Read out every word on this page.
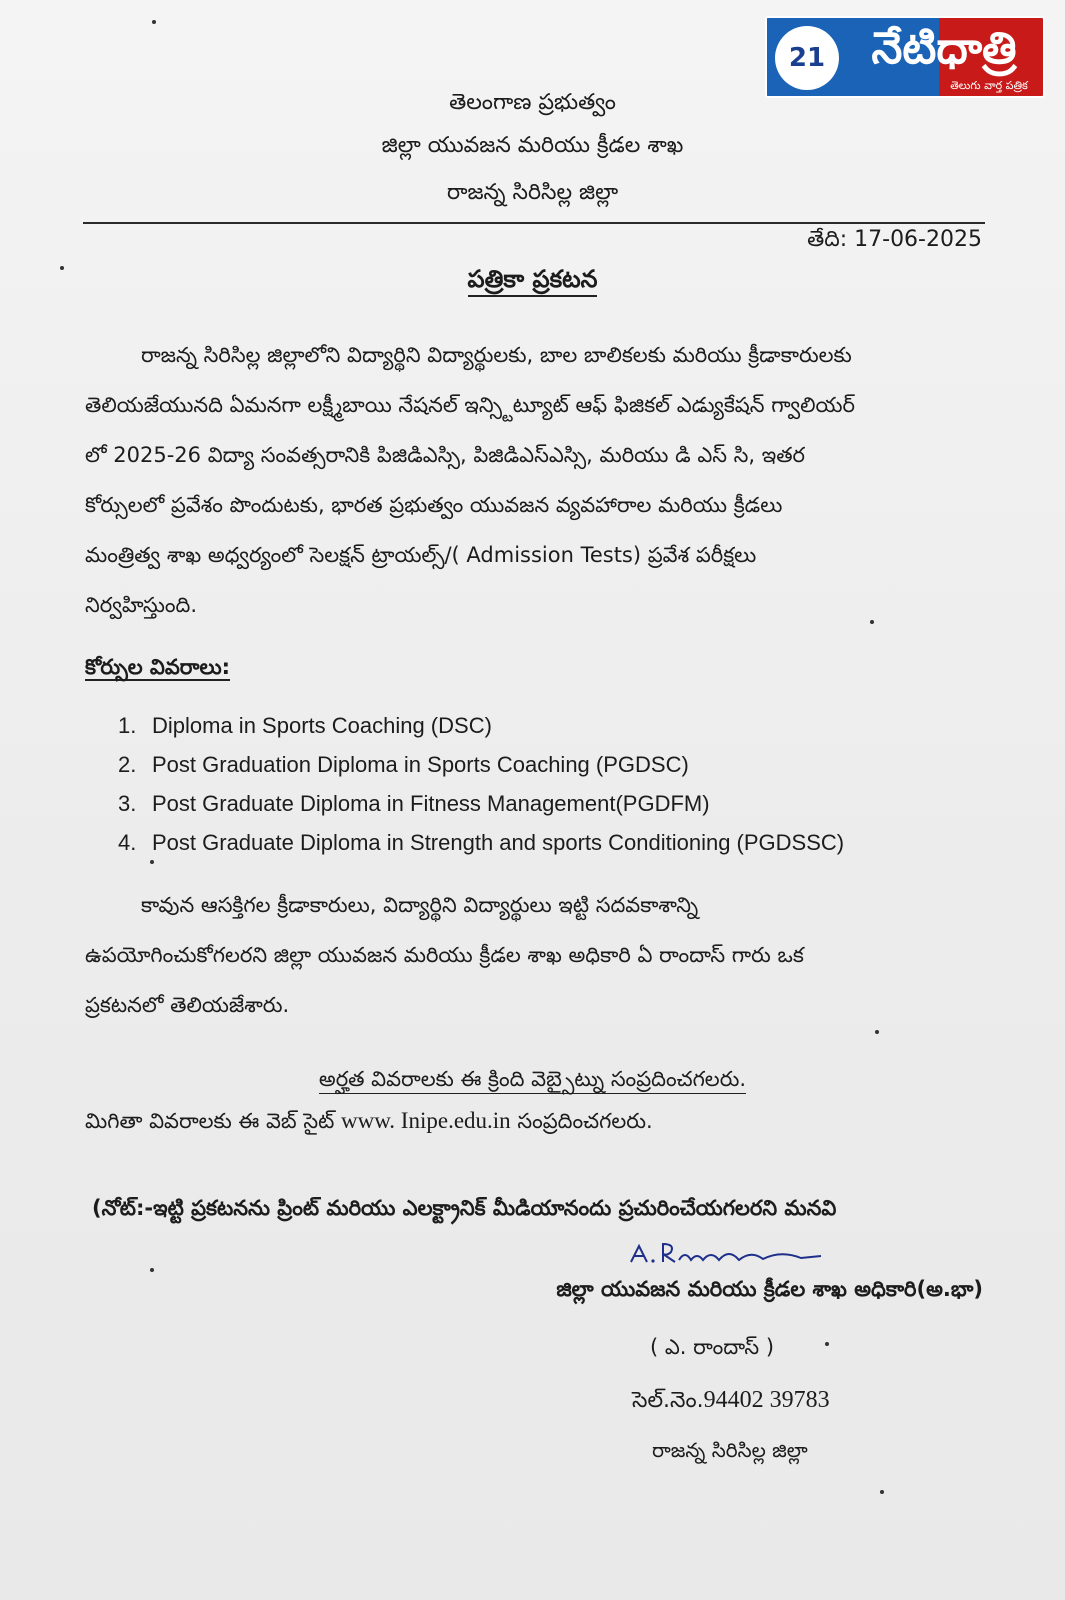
21	నేటిధాత్రి
తెలుగు వార్త పత్రిక
తెలంగాణ ప్రభుత్వం
జిల్లా యువజన మరియు క్రీడల శాఖ
రాజన్న సిరిసిల్ల జిల్లా
తేది: 17-06-2025
పత్రికా ప్రకటన
రాజన్న సిరిసిల్ల జిల్లాలోని విద్యార్థిని విద్యార్థులకు, బాల బాలికలకు మరియు క్రీడాకారులకు
తెలియజేయునది ఏమనగా లక్ష్మీబాయి నేషనల్ ఇన్స్టిట్యూట్ ఆఫ్ ఫిజికల్ ఎడ్యుకేషన్ గ్వాలియర్
లో 2025-26 విద్యా సంవత్సరానికి పిజిడిఎస్సి, పిజిడిఎస్ఎస్సి, మరియు డి ఎస్ సి, ఇతర
కోర్సులలో ప్రవేశం పొందుటకు, భారత ప్రభుత్వం యువజన వ్యవహారాల మరియు క్రీడలు
మంత్రిత్వ శాఖ అధ్వర్యంలో సెలక్షన్ ట్రాయల్స్/( Admission Tests) ప్రవేశ పరీక్షలు
నిర్వహిస్తుంది.
కోర్సుల వివరాలు:
1. Diploma in Sports Coaching (DSC)
2. Post Graduation Diploma in Sports Coaching (PGDSC)
3. Post Graduate Diploma in Fitness Management(PGDFM)
4. Post Graduate Diploma in Strength and sports Conditioning (PGDSSC)
కావున ఆసక్తిగల క్రీడాకారులు, విద్యార్థిని విద్యార్థులు ఇట్టి సదవకాశాన్ని
ఉపయోగించుకోగలరని జిల్లా యువజన మరియు క్రీడల శాఖ అధికారి ఏ రాందాస్ గారు ఒక
ప్రకటనలో తెలియజేశారు.
అర్హత వివరాలకు ఈ క్రింది వెబ్సైట్ను సంప్రదించగలరు.
మిగితా వివరాలకు ఈ వెబ్ సైట్ www. Inipe.edu.in సంప్రదించగలరు.
(నోట్:-ఇట్టి ప్రకటనను ప్రింట్ మరియు ఎలక్ట్రానిక్ మీడియానందు ప్రచురించేయగలరని మనవి
జిల్లా యువజన మరియు క్రీడల శాఖ అధికారి(అ.భా)
( ఎ. రాందాస్ )
సెల్.నెం.94402 39783
రాజన్న సిరిసిల్ల జిల్లా
